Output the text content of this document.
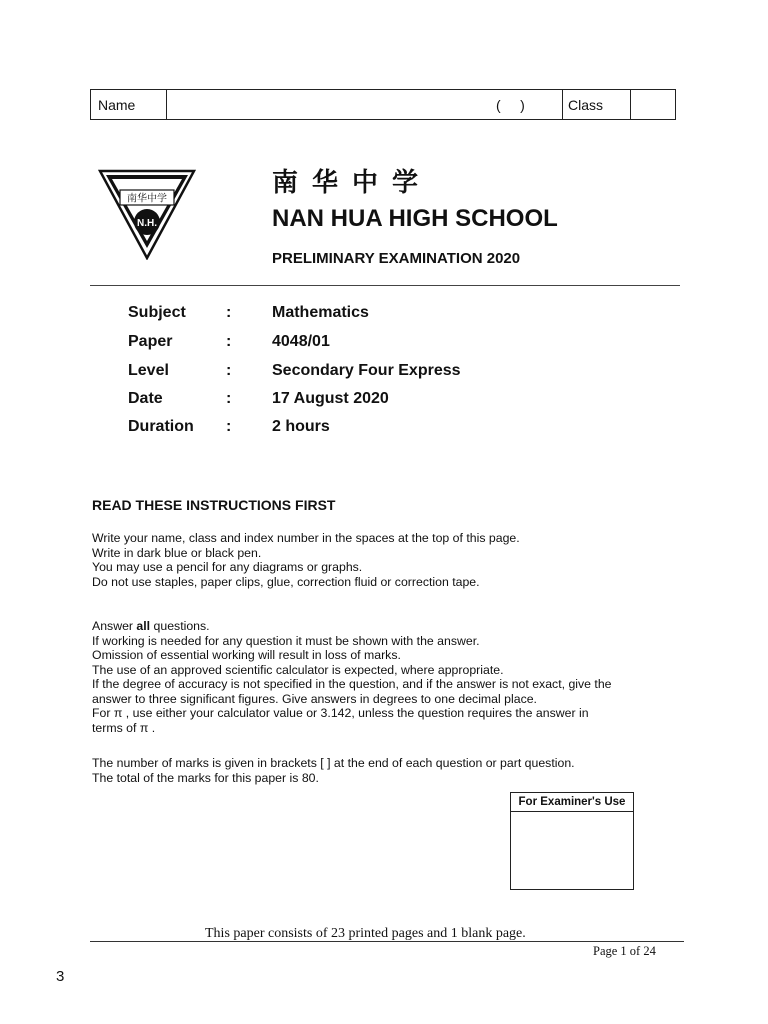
Name	(     )	Class
南华中学
N.H.
南华中学
NAN HUA HIGH SCHOOL
PRELIMINARY EXAMINATION 2020
Subject	:	Mathematics
Paper	:	4048/01
Level	:	Secondary Four Express
Date	:	17 August 2020
Duration :	2 hours
READ THESE INSTRUCTIONS FIRST
Write your name, class and index number in the spaces at the top of this page.
Write in dark blue or black pen.
You may use a pencil for any diagrams or graphs.
Do not use staples, paper clips, glue, correction fluid or correction tape.
Answer all questions.
If working is needed for any question it must be shown with the answer.
Omission of essential working will result in loss of marks.
The use of an approved scientific calculator is expected, where appropriate.
If the degree of accuracy is not specified in the question, and if the answer is not exact, give the
answer to three significant figures. Give answers in degrees to one decimal place.
For π , use either your calculator value or 3.142, unless the question requires the answer in
terms of π .
The number of marks is given in brackets [ ] at the end of each question or part question.
The total of the marks for this paper is 80.
For Examiner's Use
This paper consists of 23 printed pages and 1 blank page.
Page 1 of 24
3
